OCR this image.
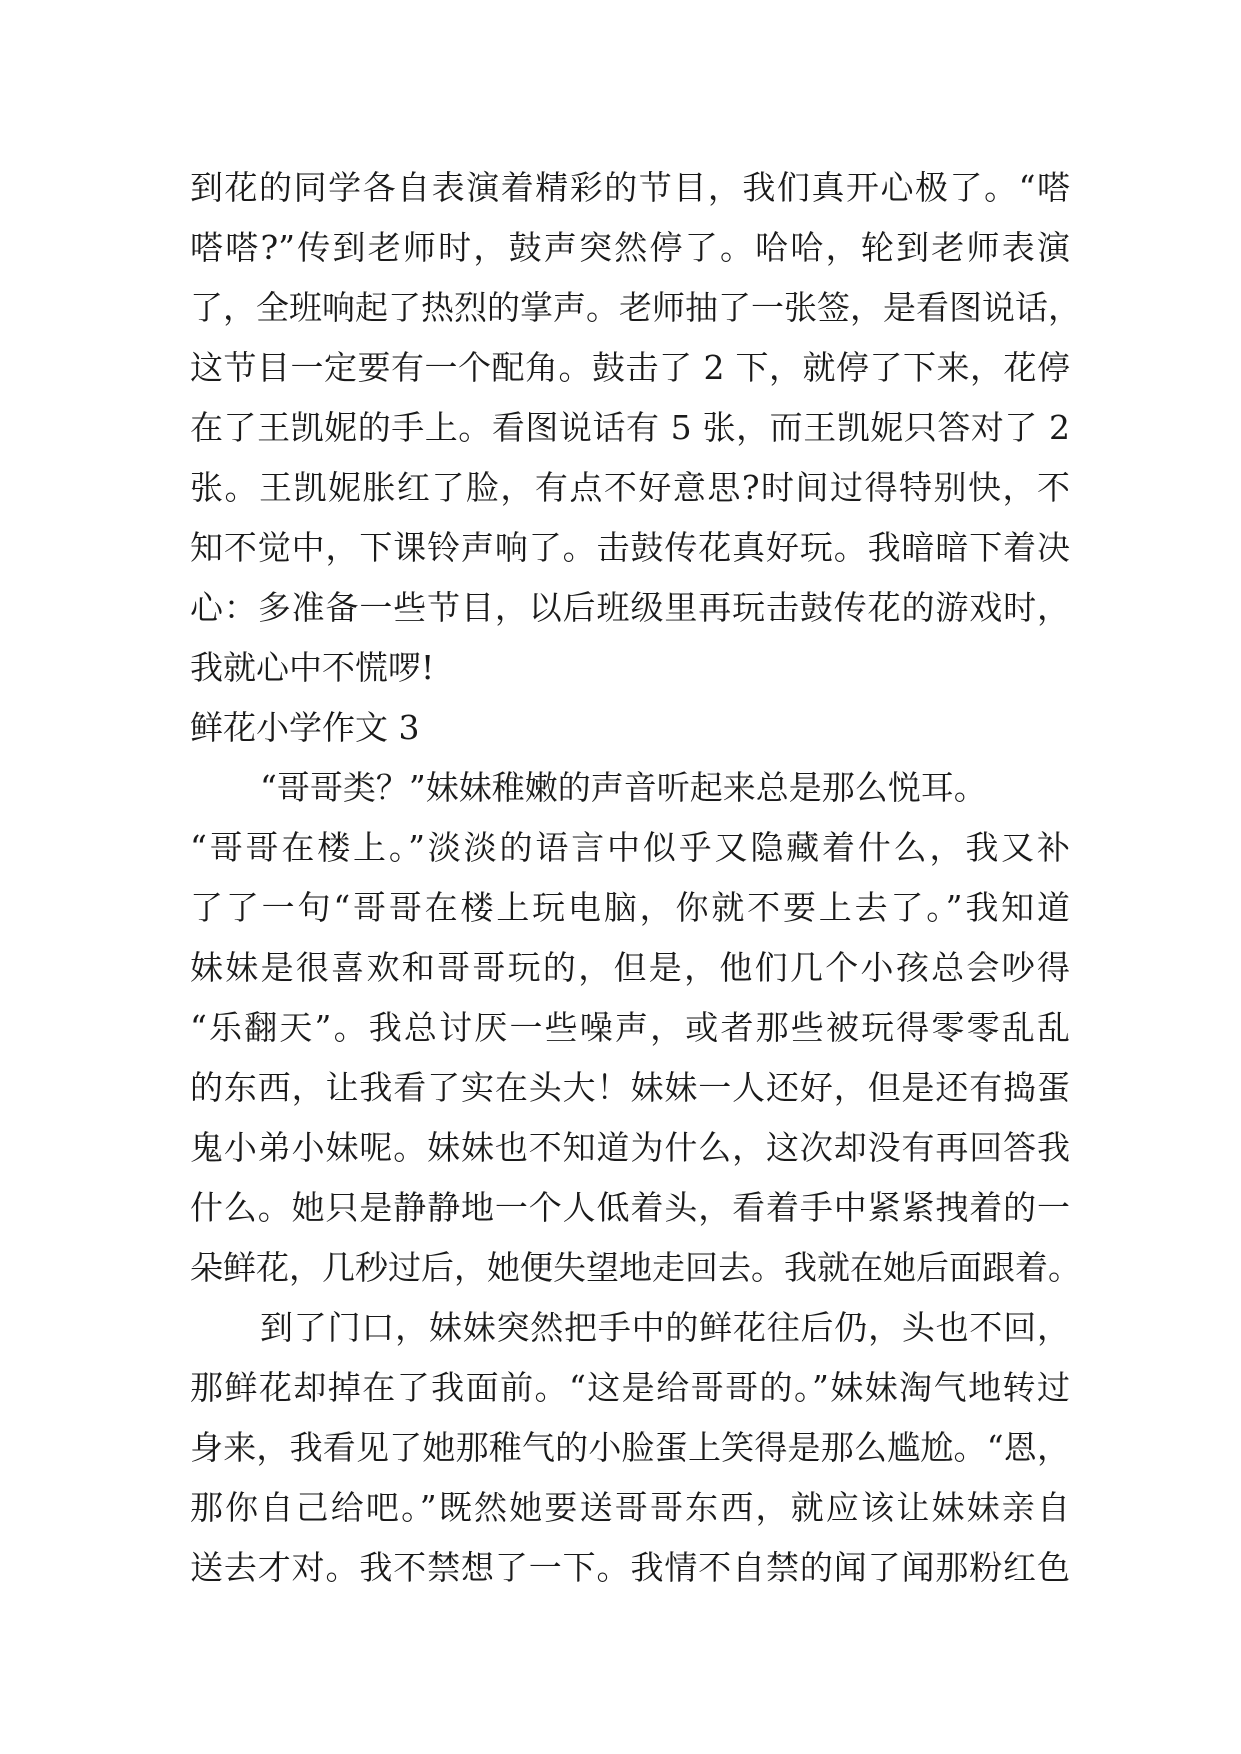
到花的同学各自表演着精彩的节目，我们真开心极了。“嗒
嗒嗒?”传到老师时，鼓声突然停了。哈哈，轮到老师表演
了，全班响起了热烈的掌声。老师抽了一张签，是看图说话，
这节目一定要有一个配角。鼓击了 2 下，就停了下来，花停
在了王凯妮的手上。看图说话有 5 张，而王凯妮只答对了 2
张。王凯妮胀红了脸，有点不好意思?时间过得特别快，不
知不觉中，下课铃声响了。击鼓传花真好玩。我暗暗下着决
心：多准备一些节目，以后班级里再玩击鼓传花的游戏时，
我就心中不慌啰!
鲜花小学作文 3
“哥哥类？”妹妹稚嫩的声音听起来总是那么悦耳。
“哥哥在楼上。”淡淡的语言中似乎又隐藏着什么，我又补
了了一句“哥哥在楼上玩电脑，你就不要上去了。”我知道
妹妹是很喜欢和哥哥玩的，但是，他们几个小孩总会吵得
“乐翻天”。我总讨厌一些噪声，或者那些被玩得零零乱乱
的东西，让我看了实在头大！妹妹一人还好，但是还有捣蛋
鬼小弟小妹呢。妹妹也不知道为什么，这次却没有再回答我
什么。她只是静静地一个人低着头，看着手中紧紧拽着的一
朵鲜花，几秒过后，她便失望地走回去。我就在她后面跟着。
到了门口，妹妹突然把手中的鲜花往后仍，头也不回，
那鲜花却掉在了我面前。“这是给哥哥的。”妹妹淘气地转过
身来，我看见了她那稚气的小脸蛋上笑得是那么尴尬。“恩，
那你自己给吧。”既然她要送哥哥东西，就应该让妹妹亲自
送去才对。我不禁想了一下。我情不自禁的闻了闻那粉红色
